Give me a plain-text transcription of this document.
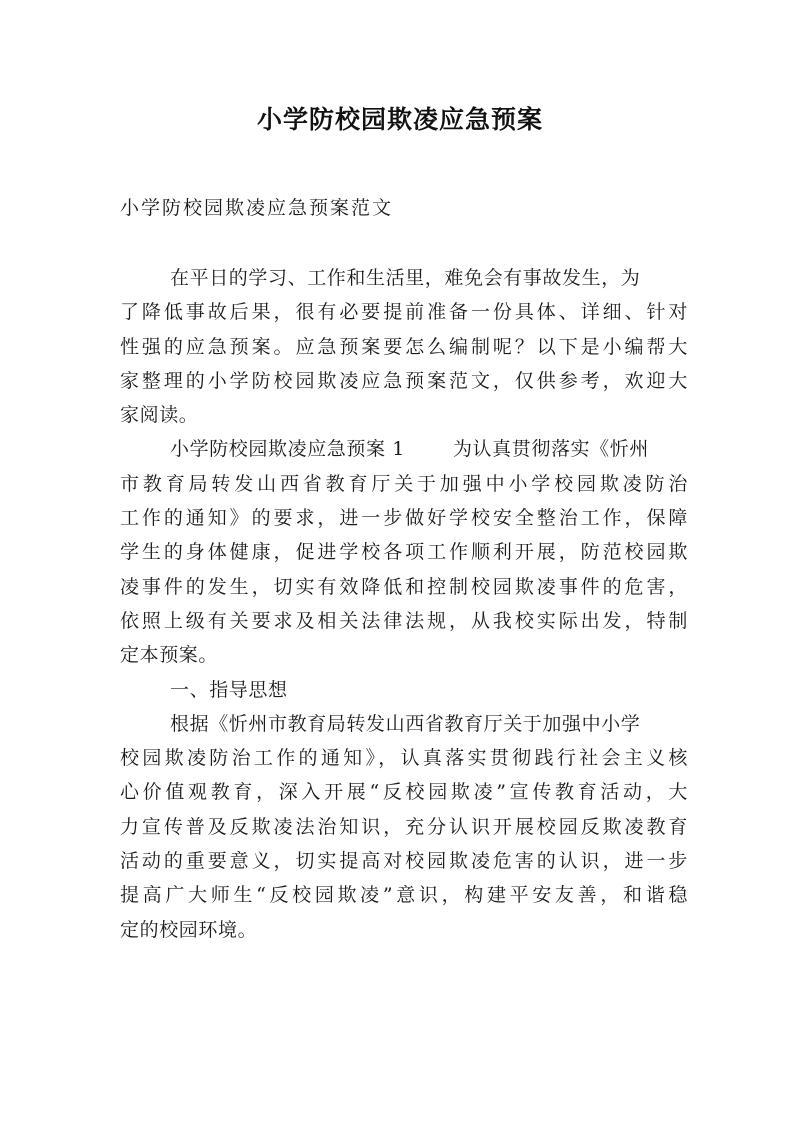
小学防校园欺凌应急预案
小学防校园欺凌应急预案范文
在平日的学习、工作和生活里，难免会有事故发生，为
了降低事故后果，很有必要提前准备一份具体、详细、针对
性强的应急预案。应急预案要怎么编制呢？以下是小编帮大
家整理的小学防校园欺凌应急预案范文，仅供参考，欢迎大
家阅读。
小学防校园欺凌应急预案 1	为认真贯彻落实《忻州
市教育局转发山西省教育厅关于加强中小学校园欺凌防治
工作的通知》的要求，进一步做好学校安全整治工作，保障
学生的身体健康，促进学校各项工作顺利开展，防范校园欺
凌事件的发生，切实有效降低和控制校园欺凌事件的危害，
依照上级有关要求及相关法律法规，从我校实际出发，特制
定本预案。
一、指导思想
根据《忻州市教育局转发山西省教育厅关于加强中小学
校园欺凌防治工作的通知》，认真落实贯彻践行社会主义核
心价值观教育，深入开展“反校园欺凌”宣传教育活动，大
力宣传普及反欺凌法治知识，充分认识开展校园反欺凌教育
活动的重要意义，切实提高对校园欺凌危害的认识，进一步
提高广大师生“反校园欺凌”意识，构建平安友善，和谐稳
定的校园环境。
